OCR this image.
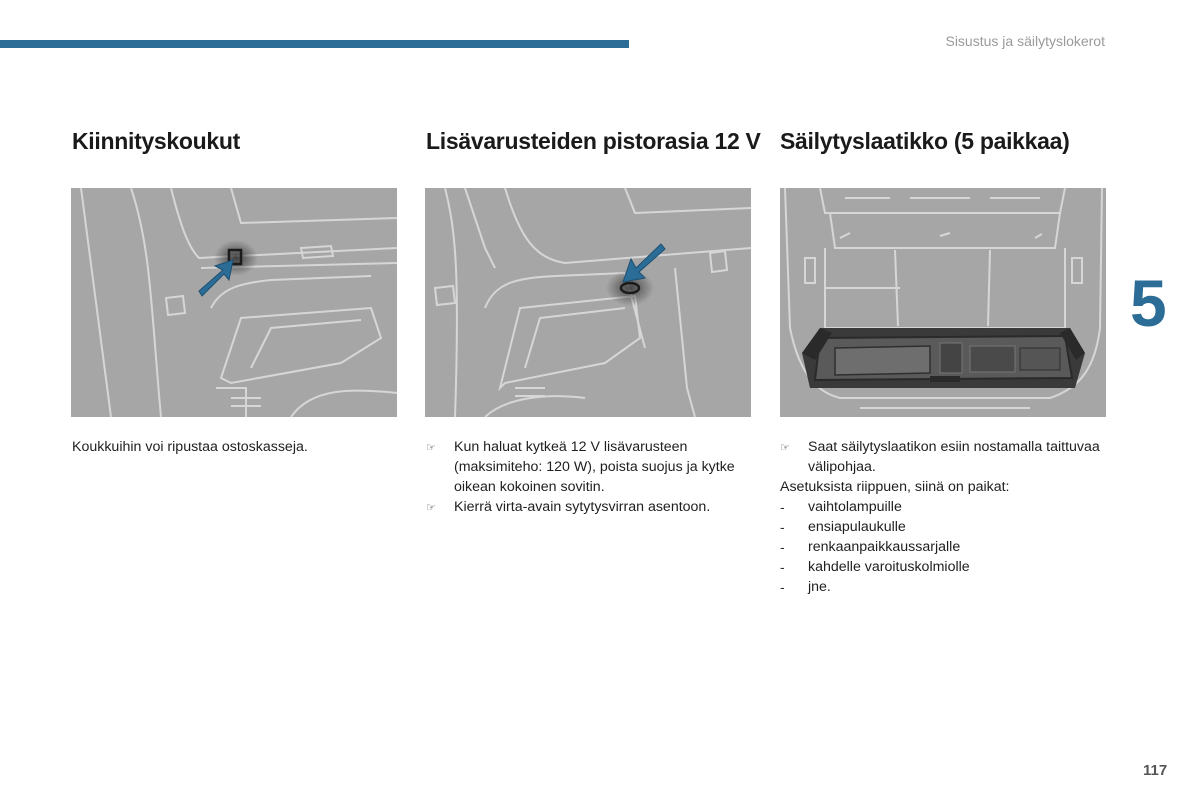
Sisustus ja säilytyslokerot
5
117
Kiinnityskoukut

Koukkuihin voi ripustaa ostoskasseja.

Lisävarusteiden pistorasia 12 V
☞	Kun haluat kytkeä 12 V lisävarusteen (maksimiteho: 120 W), poista suojus ja kytke oikean kokoinen sovitin.
☞	Kierrä virta-avain sytytysvirran asentoon.
Säilytyslaatikko (5 paikkaa)
☞	Saat säilytyslaatikon esiin nostamalla taittuvaa välipohjaa.

Asetuksista riippuen, siinä on paikat:

-	vaihtolampuille
-	ensiapulaukulle
-	renkaanpaikkaussarjalle
-	kahdelle varoituskolmiolle
-	jne.
